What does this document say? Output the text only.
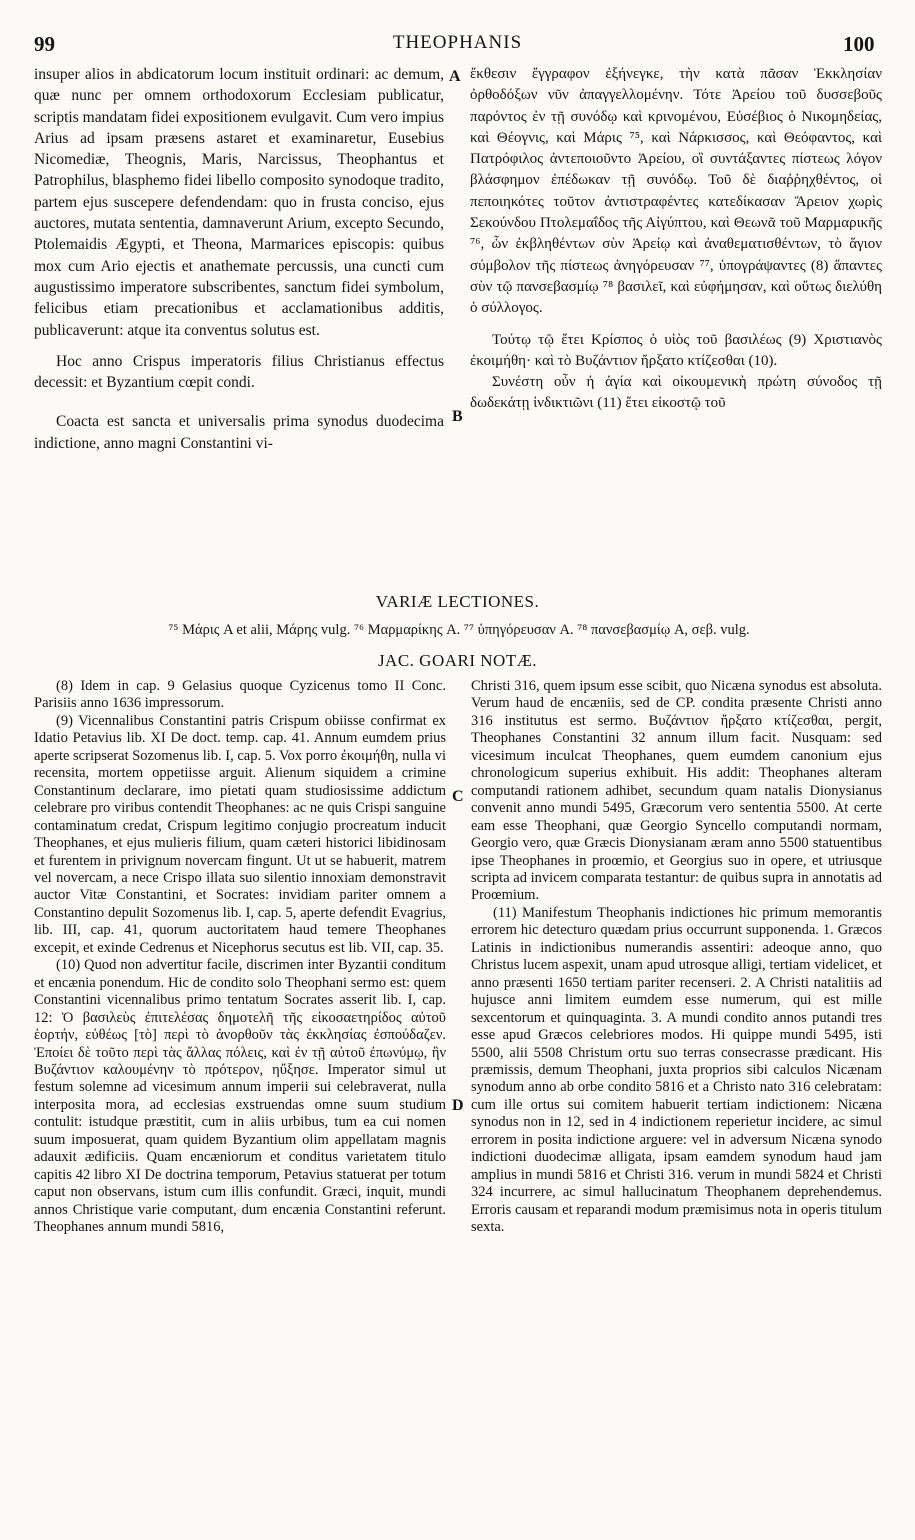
99	THEOPHANIS	100
A
B
C
D

insuper alios in abdicatorum locum instituit ordinari: ac demum, quæ nunc per omnem orthodoxorum Ecclesiam publicatur, scriptis mandatam fidei expositionem evulgavit. Cum vero impius Arius ad ipsam præsens astaret et examinaretur, Eusebius Nicomediæ, Theognis, Maris, Narcissus, Theophantus et Patrophilus, blasphemo fidei libello composito synodoque tradito, partem ejus suscepere defendendam: quo in frusta conciso, ejus auctores, mutata sententia, damnaverunt Arium, excepto Secundo, Ptolemaidis Ægypti, et Theona, Marmarices episcopis: quibus mox cum Ario ejectis et anathemate percussis, una cuncti cum augustissimo imperatore subscribentes, sanctum fidei symbolum, felicibus etiam precationibus et acclamationibus additis, publicaverunt: atque ita conventus solutus est.

Hoc anno Crispus imperatoris filius Christianus effectus decessit: et Byzantium cœpit condi.

Coacta est sancta et universalis prima synodus duodecima indictione, anno magni Constantini vi-

ἔκθεσιν ἔγγραφον ἐξήνεγκε, τὴν κατὰ πᾶσαν Ἐκκλησίαν ὀρθοδόξων νῦν ἀπαγγελλομένην. Τότε Ἀρείου τοῦ δυσσεβοῦς παρόντος ἐν τῇ συνόδῳ καὶ κρινομένου, Εὐσέβιος ὁ Νικομηδείας, καὶ Θέογνις, καὶ Μάρις ⁷⁵, καὶ Νάρκισσος, καὶ Θεόφαντος, καὶ Πατρόφιλος ἀντεποιοῦντο Ἀρείου, οἳ συντάξαντες πίστεως λόγον βλάσφημον ἐπέδωκαν τῇ συνόδῳ. Τοῦ δὲ διαῤῥηχθέντος, οἱ πεποιηκότες τοῦτον ἀντιστραφέντες κατεδίκασαν Ἄρειον χωρὶς Σεκούνδου Πτολεμαΐδος τῆς Αἰγύπτου, καὶ Θεωνᾶ τοῦ Μαρμαρικῆς ⁷⁶, ὧν ἐκβληθέντων σὺν Ἀρείῳ καὶ ἀναθεματισθέντων, τὸ ἅγιον σύμβολον τῆς πίστεως ἀνηγόρευσαν ⁷⁷, ὑπογράψαντες (8) ἅπαντες σὺν τῷ πανσεβασμίῳ ⁷⁸ βασιλεῖ, καὶ εὐφήμησαν, καὶ οὕτως διελύθη ὁ σύλλογος.

Τούτῳ τῷ ἔτει Κρίσπος ὁ υἱὸς τοῦ βασιλέως (9) Χριστιανὸς ἐκοιμήθη· καὶ τὸ Βυζάντιον ἤρξατο κτίζεσθαι (10).

Συνέστη οὖν ἡ ἁγία καὶ οἰκουμενικὴ πρώτη σύνοδος τῇ δωδεκάτῃ ἰνδικτιῶνι (11) ἔτει εἰκοστῷ τοῦ

VARIÆ LECTIONES.
⁷⁵ Μάρις A et alii, Μάρης vulg. ⁷⁶ Μαρμαρίκης A. ⁷⁷ ὑπηγόρευσαν A. ⁷⁸ πανσεβασμίῳ A, σεβ. vulg.
JAC. GOARI NOTÆ.

(8) Idem in cap. 9 Gelasius quoque Cyzicenus tomo II Conc. Parisiis anno 1636 impressorum.

(9) Vicennalibus Constantini patris Crispum obiisse confirmat ex Idatio Petavius lib. XI De doct. temp. cap. 41. Annum eumdem prius aperte scripserat Sozomenus lib. I, cap. 5. Vox porro ἐκοιμήθη, nulla vi recensita, mortem oppetiisse arguit. Alienum siquidem a crimine Constantinum declarare, imo pietati quam studiosissime addictum celebrare pro viribus contendit Theophanes: ac ne quis Crispi sanguine contaminatum credat, Crispum legitimo conjugio procreatum inducit Theophanes, et ejus mulieris filium, quam cæteri historici libidinosam et furentem in privignum novercam fingunt. Ut ut se habuerit, matrem vel novercam, a nece Crispo illata suo silentio innoxiam demonstravit auctor Vitæ Constantini, et Socrates: invidiam pariter omnem a Constantino depulit Sozomenus lib. I, cap. 5, aperte defendit Evagrius, lib. III, cap. 41, quorum auctoritatem haud temere Theophanes excepit, et exinde Cedrenus et Nicephorus secutus est lib. VII, cap. 35.

(10) Quod non advertitur facile, discrimen inter Byzantii conditum et encænia ponendum. Hic de condito solo Theophani sermo est: quem Constantini vicennalibus primo tentatum Socrates asserit lib. I, cap. 12: Ὁ βασιλεὺς ἐπιτελέσας δημοτελῆ τῆς εἰκοσαετηρίδος αὐτοῦ ἑορτήν, εὐθέως [τὸ] περὶ τὸ ἀνορθοῦν τὰς ἐκκλησίας ἐσπούδαζεν. Ἐποίει δὲ τοῦτο περὶ τὰς ἄλλας πόλεις, καὶ ἐν τῇ αὐτοῦ ἐπωνύμῳ, ἣν Βυζάντιον καλουμένην τὸ πρότερον, ηὔξησε. Imperator simul ut festum solemne ad vicesimum annum imperii sui celebraverat, nulla interposita mora, ad ecclesias exstruendas omne suum studium contulit: istudque præstitit, cum in aliis urbibus, tum ea cui nomen suum imposuerat, quam quidem Byzantium olim appellatam magnis adauxit ædificiis. Quam encæniorum et conditus varietatem titulo capitis 42 libro XI De doctrina temporum, Petavius statuerat per totum caput non observans, istum cum illis confundit. Græci, inquit, mundi annos Christique varie computant, dum encænia Constantini referunt. Theophanes annum mundi 5816,

Christi 316, quem ipsum esse scibit, quo Nicæna synodus est absoluta. Verum haud de encæniis, sed de CP. condita præsente Christi anno 316 institutus est sermo. Βυζάντιον ἤρξατο κτίζεσθαι, pergit, Theophanes Constantini 32 annum illum facit. Nusquam: sed vicesimum inculcat Theophanes, quem eumdem canonium ejus chronologicum superius exhibuit. His addit: Theophanes alteram computandi rationem adhibet, secundum quam natalis Dionysianus convenit anno mundi 5495, Græcorum vero sententia 5500. At certe eam esse Theophani, quæ Georgio Syncello computandi normam, Georgio vero, quæ Græcis Dionysianam æram anno 5500 statuentibus ipse Theophanes in proœmio, et Georgius suo in opere, et utriusque scripta ad invicem comparata testantur: de quibus supra in annotatis ad Proœmium.

(11) Manifestum Theophanis indictiones hic primum memorantis errorem hic detecturo quædam prius occurrunt supponenda. 1. Græcos Latinis in indictionibus numerandis assentiri: adeoque anno, quo Christus lucem aspexit, unam apud utrosque alligi, tertiam videlicet, et anno præsenti 1650 tertiam pariter recenseri. 2. A Christi natalitiis ad hujusce anni limitem eumdem esse numerum, qui est mille sexcentorum et quinquaginta. 3. A mundi condito annos putandi tres esse apud Græcos celebriores modos. Hi quippe mundi 5495, isti 5500, alii 5508 Christum ortu suo terras consecrasse prædicant. His præmissis, demum Theophani, juxta proprios sibi calculos Nicænam synodum anno ab orbe condito 5816 et a Christo nato 316 celebratam: cum ille ortus sui comitem habuerit tertiam indictionem: Nicæna synodus non in 12, sed in 4 indictionem reperietur incidere, ac simul errorem in posita indictione arguere: vel in adversum Nicæna synodo indictioni duodecimæ alligata, ipsam eamdem synodum haud jam amplius in mundi 5816 et Christi 316. verum in mundi 5824 et Christi 324 incurrere, ac simul hallucinatum Theophanem deprehendemus. Erroris causam et reparandi modum præmisimus nota in operis titulum sexta.
